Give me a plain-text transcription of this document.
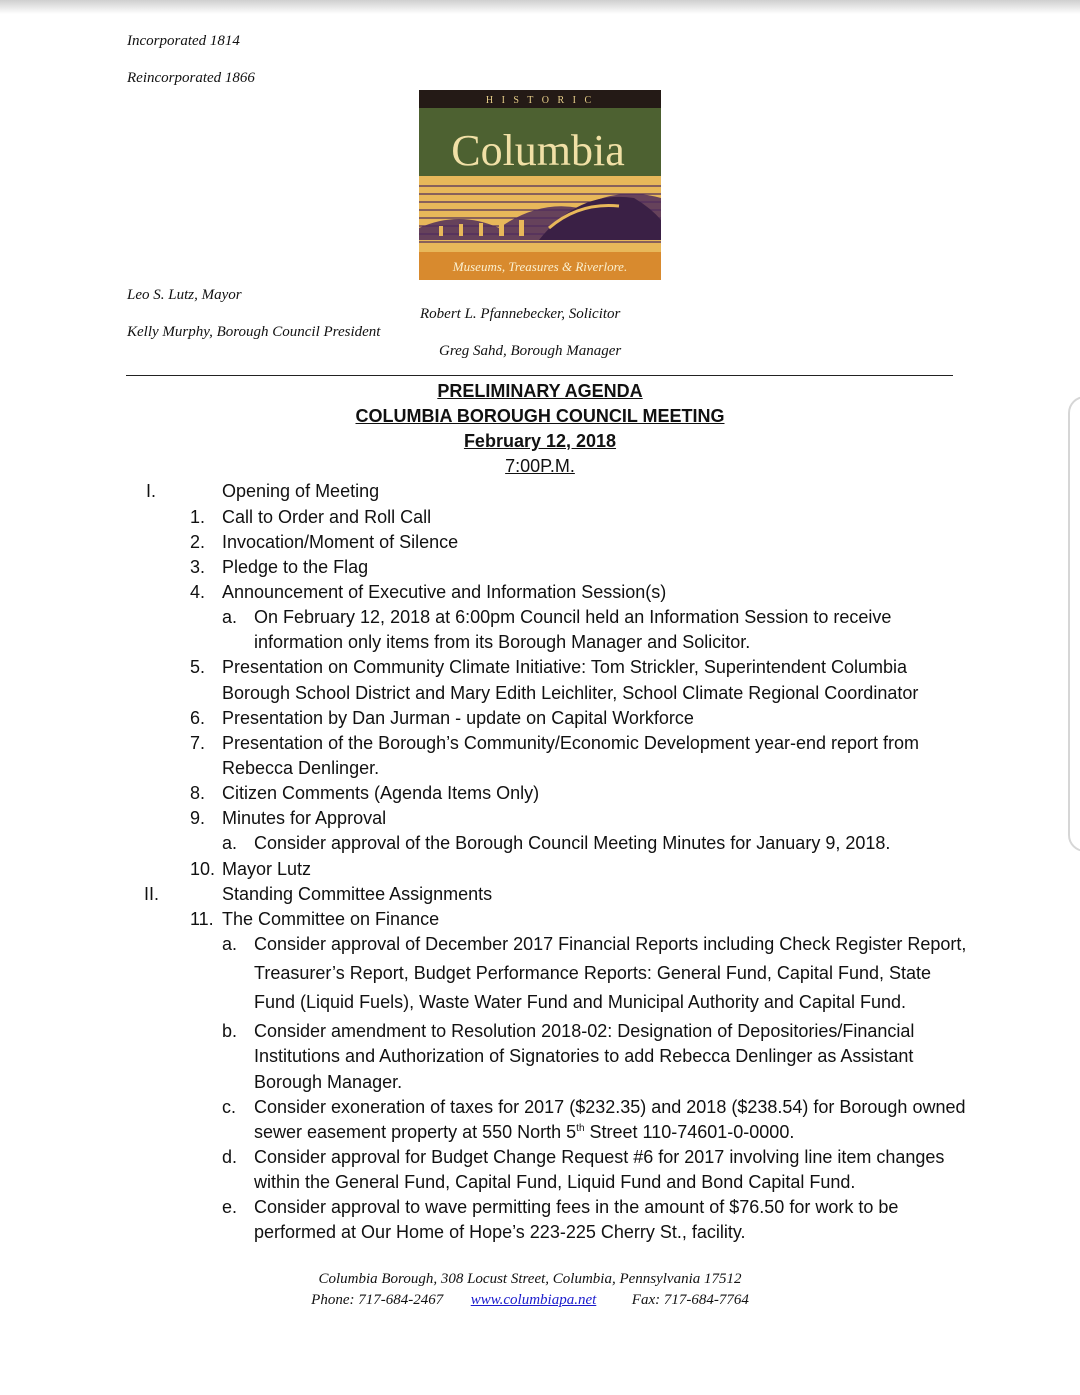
Incorporated 1814
Reincorporated 1866
H I S T O R I C
Columbia
Museums, Treasures & Riverlore.
Leo S. Lutz, Mayor
Robert L. Pfannebecker, Solicitor
Kelly Murphy, Borough Council President
Greg Sahd, Borough Manager
PRELIMINARY AGENDA
COLUMBIA BOROUGH COUNCIL MEETING
February 12, 2018
7:00P.M.
I.	Opening of Meeting
1. Call to Order and Roll Call
2. Invocation/Moment of Silence
3. Pledge to the Flag
4. Announcement of Executive and Information Session(s)
a. On February 12, 2018 at 6:00pm Council held an Information Session to receive
information only items from its Borough Manager and Solicitor.
5. Presentation on Community Climate Initiative: Tom Strickler, Superintendent Columbia
Borough School District and Mary Edith Leichliter, School Climate Regional Coordinator
6. Presentation by Dan Jurman - update on Capital Workforce
7. Presentation of the Borough’s Community/Economic Development year-end report from
Rebecca Denlinger.
8. Citizen Comments (Agenda Items Only)
9. Minutes for Approval
a. Consider approval of the Borough Council Meeting Minutes for January 9, 2018.
10. Mayor Lutz
II.	Standing Committee Assignments
11. The Committee on Finance
a. Consider approval of December 2017 Financial Reports including Check Register Report,
Treasurer’s Report, Budget Performance Reports: General Fund, Capital Fund, State
Fund (Liquid Fuels), Waste Water Fund and Municipal Authority and Capital Fund.
b. Consider amendment to Resolution 2018-02: Designation of Depositories/Financial
Institutions and Authorization of Signatories to add Rebecca Denlinger as Assistant
Borough Manager.
c. Consider exoneration of taxes for 2017 ($232.35) and 2018 ($238.54) for Borough owned
sewer easement property at 550 North 5th Street 110-74601-0-0000.
d. Consider approval for Budget Change Request #6 for 2017 involving line item changes
within the General Fund, Capital Fund, Liquid Fund and Bond Capital Fund.
e. Consider approval to wave permitting fees in the amount of $76.50 for work to be
performed at Our Home of Hope’s 223-225 Cherry St., facility.
Columbia Borough, 308 Locust Street, Columbia, Pennsylvania 17512
Phone: 717-684-2467 www.columbiapa.net Fax: 717-684-7764
